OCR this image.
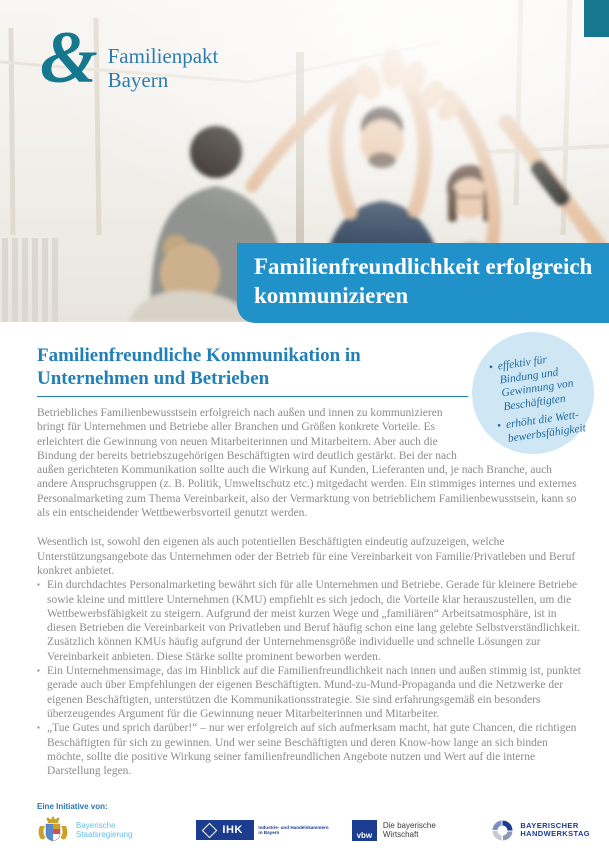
& Familienpakt
Bayern
Familienfreundlichkeit erfolgreich kommunizieren
• effektiv für Bindung und Gewinnung von Beschäftigten
• erhöht die Wett-bewerbsfähigkeit
Familienfreundliche Kommunikation in Unternehmen und Betrieben

Betriebliches Familienbewusstsein erfolgreich nach außen und innen zu kommunizieren bringt für Unternehmen und Betriebe aller Branchen und Größen konkrete Vorteile. Es erleichtert die Gewinnung von neuen Mitarbeiterinnen und Mitarbeitern. Aber auch die Bindung der bereits betriebszugehörigen Beschäftigten wird deutlich gestärkt. Bei der nach außen gerichteten Kommunikation sollte auch die Wirkung auf Kunden, Lieferanten und, je nach Branche, auch andere Anspruchsgruppen (z. B. Politik, Umweltschutz etc.) mitgedacht werden. Ein stimmiges internes und externes Personalmarketing zum Thema Vereinbarkeit, also der Vermarktung von betrieblichem Familienbewusstsein, kann so als ein entscheidender Wettbewerbsvorteil genutzt werden.

Wesentlich ist, sowohl den eigenen als auch potentiellen Beschäftigten eindeutig aufzuzeigen, welche Unterstützungsangebote das Unternehmen oder der Betrieb für eine Vereinbarkeit von Familie/Privatleben und Beruf konkret anbietet.

▪ Ein durchdachtes Personalmarketing bewährt sich für alle Unternehmen und Betriebe. Gerade für kleinere Betriebe sowie kleine und mittlere Unternehmen (KMU) empfiehlt es sich jedoch, die Vorteile klar herauszustellen, um die Wettbewerbsfähigkeit zu steigern. Aufgrund der meist kurzen Wege und „familiären“ Arbeitsatmosphäre, ist in diesen Betrieben die Vereinbarkeit von Privatleben und Beruf häufig schon eine lang gelebte Selbstverständlichkeit. Zusätzlich können KMUs häufig aufgrund der Unternehmensgröße individuelle und schnelle Lösungen zur Vereinbarkeit anbieten. Diese Stärke sollte prominent beworben werden.
▪ Ein Unternehmensimage, das im Hinblick auf die Familienfreundlichkeit nach innen und außen stimmig ist, punktet gerade auch über Empfehlungen der eigenen Beschäftigten. Mund-zu-Mund-Propaganda und die Netzwerke der eigenen Beschäftigten, unterstützen die Kommunikationsstrategie. Sie sind erfahrungsgemäß ein besonders überzeugendes Argument für die Gewinnung neuer Mitarbeiterinnen und Mitarbeiter.
▪ „Tue Gutes und sprich darüber!“ – nur wer erfolgreich auf sich aufmerksam macht, hat gute Chancen, die richtigen Beschäftigten für sich zu gewinnen. Und wer seine Beschäftigten und deren Know-how lange an sich binden möchte, sollte die positive Wirkung seiner familienfreundlichen Angebote nutzen und Wert auf die interne Darstellung legen.
Eine Initiative von:
Bayerische
Staatsregierung	IHK	Industrie- und Handelskammern
in Bayern	vbw
Die bayerische
Wirtschaft
BAYERISCHER
HANDWERKSTAG
